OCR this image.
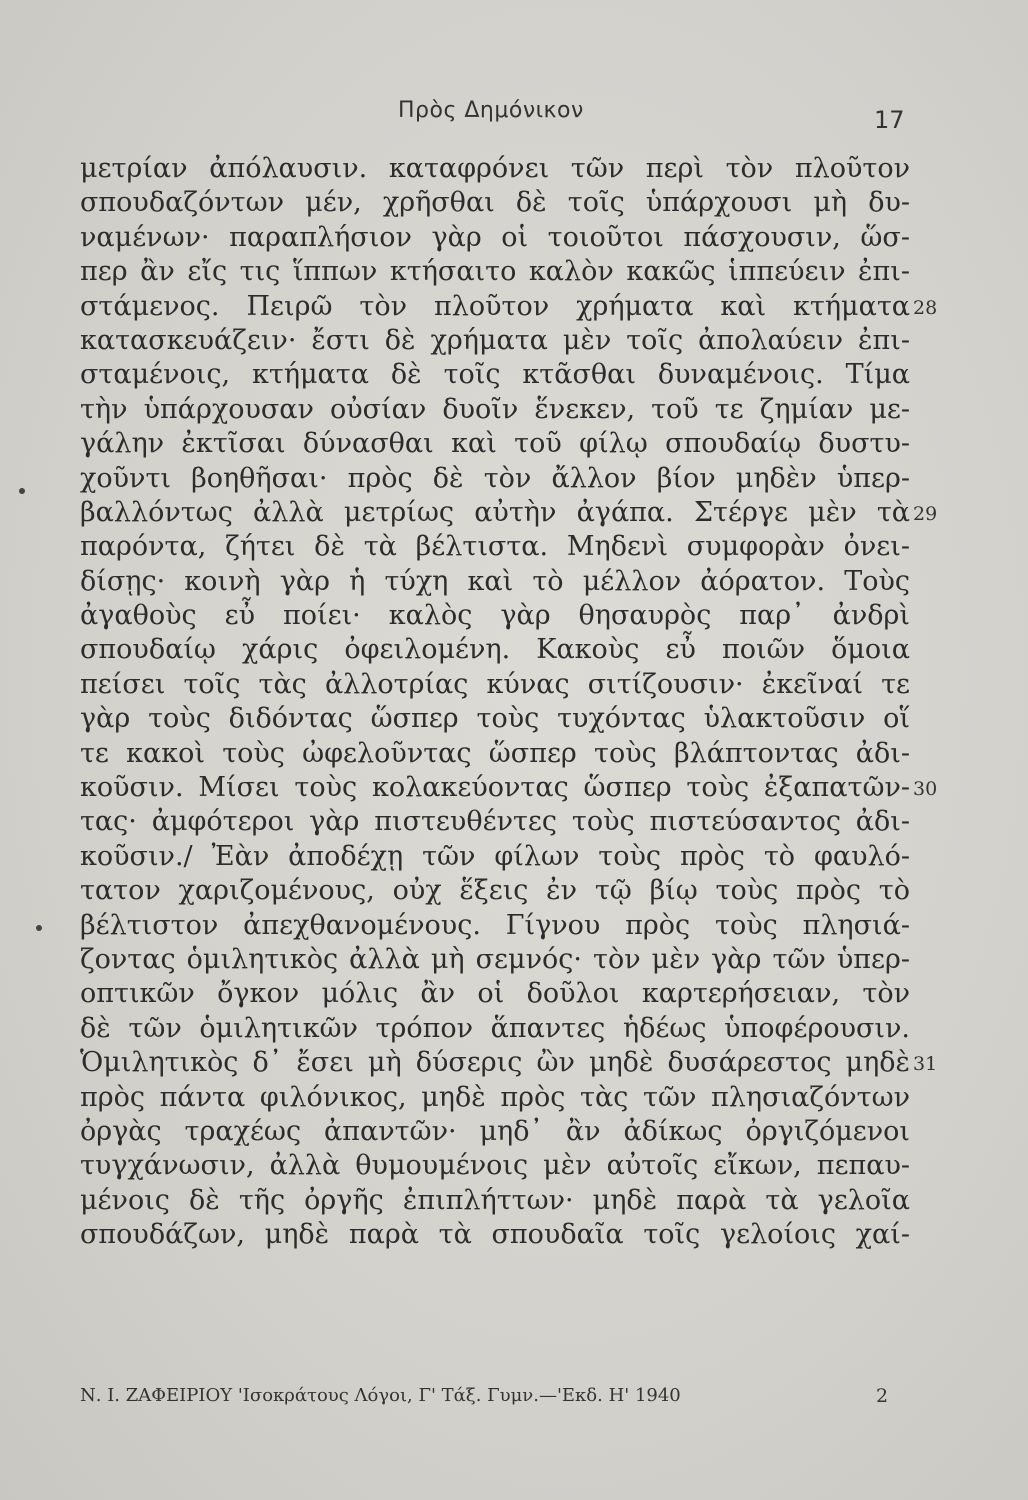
Πρὸς Δημόνικον	17
μετρίαν ἀπόλαυσιν. καταφρόνει τῶν περὶ τὸν πλοῦτον
σπουδαζόντων μέν, χρῆσθαι δὲ τοῖς ὑπάρχουσι μὴ δυ-
ναμένων· παραπλήσιον γὰρ οἱ τοιοῦτοι πάσχουσιν, ὥσ-
περ ἂν εἴς τις ἵππων κτήσαιτο καλὸν κακῶς ἱππεύειν ἐπι-
στάμενος. Πειρῶ τὸν πλοῦτον χρήματα καὶ κτήματα
κατασκευάζειν· ἔστι δὲ χρήματα μὲν τοῖς ἀπολαύειν ἐπι-
σταμένοις, κτήματα δὲ τοῖς κτᾶσθαι δυναμένοις. Τίμα
τὴν ὑπάρχουσαν οὐσίαν δυοῖν ἕνεκεν, τοῦ τε ζημίαν με-
γάλην ἐκτῖσαι δύνασθαι καὶ τοῦ φίλῳ σπουδαίῳ δυστυ-
χοῦντι βοηθῆσαι· πρὸς δὲ τὸν ἄλλον βίον μηδὲν ὑπερ-
βαλλόντως ἀλλὰ μετρίως αὐτὴν ἀγάπα. Στέργε μὲν τὰ
παρόντα, ζήτει δὲ τὰ βέλτιστα. Μηδενὶ συμφορὰν ὀνει-
δίσῃς· κοινὴ γὰρ ἡ τύχη καὶ τὸ μέλλον ἀόρατον. Τοὺς
ἀγαθοὺς εὖ ποίει· καλὸς γὰρ θησαυρὸς παρ᾽ ἀνδρὶ
σπουδαίῳ χάρις ὀφειλομένη. Κακοὺς εὖ ποιῶν ὅμοια
πείσει τοῖς τὰς ἀλλοτρίας κύνας σιτίζουσιν· ἐκεῖναί τε
γὰρ τοὺς διδόντας ὥσπερ τοὺς τυχόντας ὑλακτοῦσιν οἵ
τε κακοὶ τοὺς ὠφελοῦντας ὥσπερ τοὺς βλάπτοντας ἀδι-
κοῦσιν. Μίσει τοὺς κολακεύοντας ὥσπερ τοὺς ἐξαπατῶν-
τας· ἀμφότεροι γὰρ πιστευθέντες τοὺς πιστεύσαντος ἀδι-
κοῦσιν./ Ἐὰν ἀποδέχῃ τῶν φίλων τοὺς πρὸς τὸ φαυλό-
τατον χαριζομένους, οὐχ ἕξεις ἐν τῷ βίῳ τοὺς πρὸς τὸ
βέλτιστον ἀπεχθανομένους. Γίγνου πρὸς τοὺς πλησιά-
ζοντας ὁμιλητικὸς ἀλλὰ μὴ σεμνός· τὸν μὲν γὰρ τῶν ὑπερ-
οπτικῶν ὄγκον μόλις ἂν οἱ δοῦλοι καρτερήσειαν, τὸν
δὲ τῶν ὁμιλητικῶν τρόπον ἅπαντες ἡδέως ὑποφέρουσιν.
Ὁμιλητικὸς δ᾽ ἔσει μὴ δύσερις ὢν μηδὲ δυσάρεστος μηδὲ
πρὸς πάντα φιλόνικος, μηδὲ πρὸς τὰς τῶν πλησιαζόντων
ὀργὰς τραχέως ἀπαντῶν· μηδ᾽ ἂν ἀδίκως ὀργιζόμενοι
τυγχάνωσιν, ἀλλὰ θυμουμένοις μὲν αὐτοῖς εἴκων, πεπαυ-
μένοις δὲ τῆς ὀργῆς ἐπιπλήττων· μηδὲ παρὰ τὰ γελοῖα
σπουδάζων, μηδὲ παρὰ τὰ σπουδαῖα τοῖς γελοίοις χαί-
28
29
30
31
Ν. Ι. ΖΑΦΕΙΡΙΟΥ 'Ισοκράτους Λόγοι, Γ' Τάξ. Γυμν.—'Εκδ. Η' 1940	2
